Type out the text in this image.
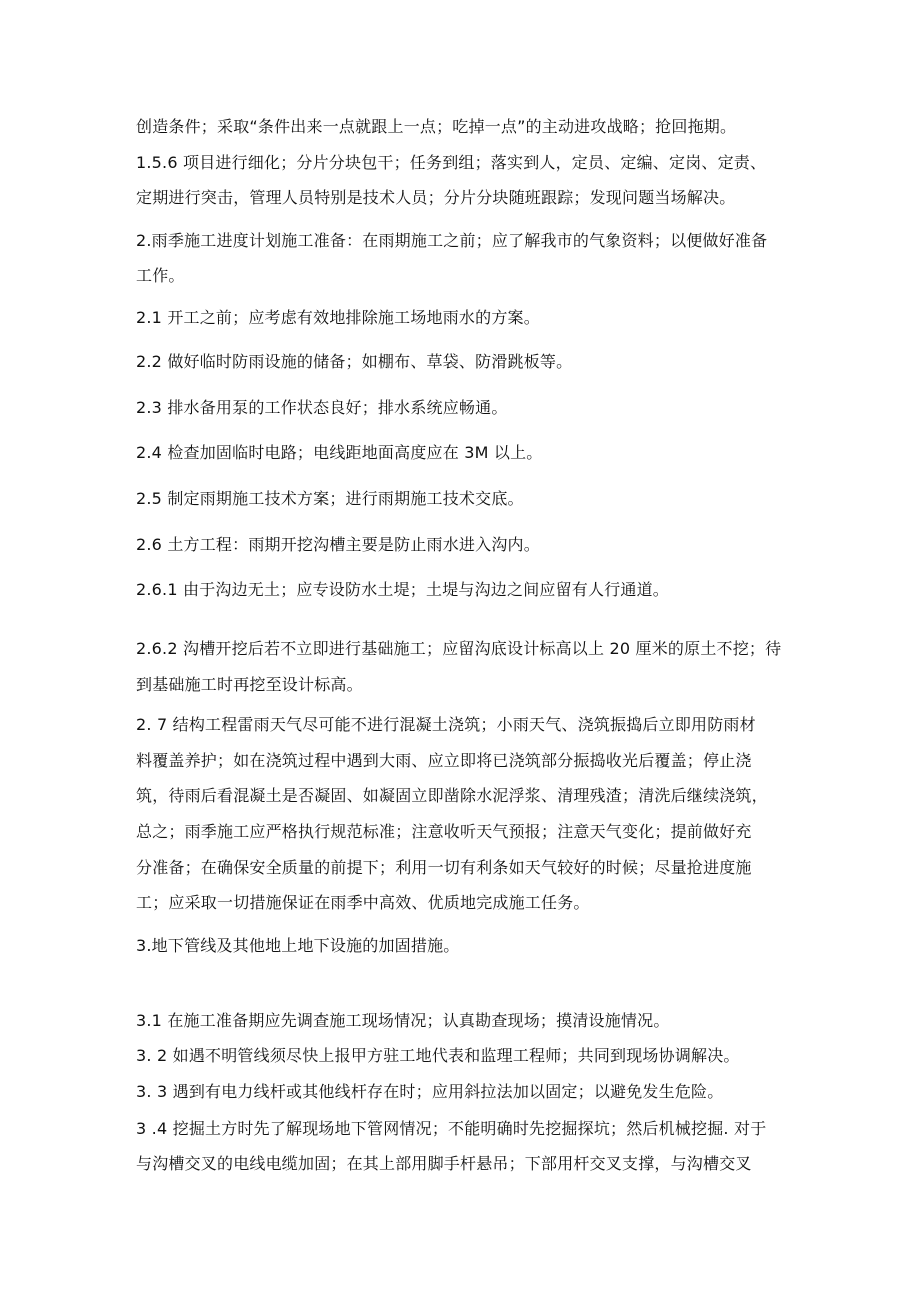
创造条件；采取“条件出来一点就跟上一点；吃掉一点”的主动进攻战略；抢回拖期。
1.5.6 项目进行细化；分片分块包干；任务到组；落实到人，定员、定编、定岗、定责、
定期进行突击，管理人员特别是技术人员；分片分块随班跟踪；发现问题当场解决。
2.雨季施工进度计划施工准备：在雨期施工之前；应了解我市的气象资料；以便做好准备
工作。
2.1 开工之前；应考虑有效地排除施工场地雨水的方案。
2.2 做好临时防雨设施的储备；如棚布、草袋、防滑跳板等。
2.3 排水备用泵的工作状态良好；排水系统应畅通。
2.4 检查加固临时电路；电线距地面高度应在 3M 以上。
2.5 制定雨期施工技术方案；进行雨期施工技术交底。
2.6 土方工程：雨期开挖沟槽主要是防止雨水进入沟内。
2.6.1 由于沟边无土；应专设防水土堤；土堤与沟边之间应留有人行通道。
2.6.2 沟槽开挖后若不立即进行基础施工；应留沟底设计标高以上 20 厘米的原土不挖；待
到基础施工时再挖至设计标高。
2. 7 结构工程雷雨天气尽可能不进行混凝土浇筑；小雨天气、浇筑振捣后立即用防雨材
料覆盖养护；如在浇筑过程中遇到大雨、应立即将已浇筑部分振捣收光后覆盖；停止浇
筑，待雨后看混凝土是否凝固、如凝固立即凿除水泥浮浆、清理残渣；清洗后继续浇筑，
总之；雨季施工应严格执行规范标准；注意收听天气预报；注意天气变化；提前做好充
分准备；在确保安全质量的前提下；利用一切有利条如天气较好的时候；尽量抢进度施
工；应采取一切措施保证在雨季中高效、优质地完成施工任务。
3.地下管线及其他地上地下设施的加固措施。
3.1 在施工准备期应先调查施工现场情况；认真勘查现场；摸清设施情况。
3. 2 如遇不明管线须尽快上报甲方驻工地代表和监理工程师；共同到现场协调解决。
3. 3 遇到有电力线杆或其他线杆存在时；应用斜拉法加以固定；以避免发生危险。
3 .4 挖掘土方时先了解现场地下管网情况；不能明确时先挖掘探坑；然后机械挖掘. 对于
与沟槽交叉的电线电缆加固；在其上部用脚手杆悬吊；下部用杆交叉支撑，与沟槽交叉
